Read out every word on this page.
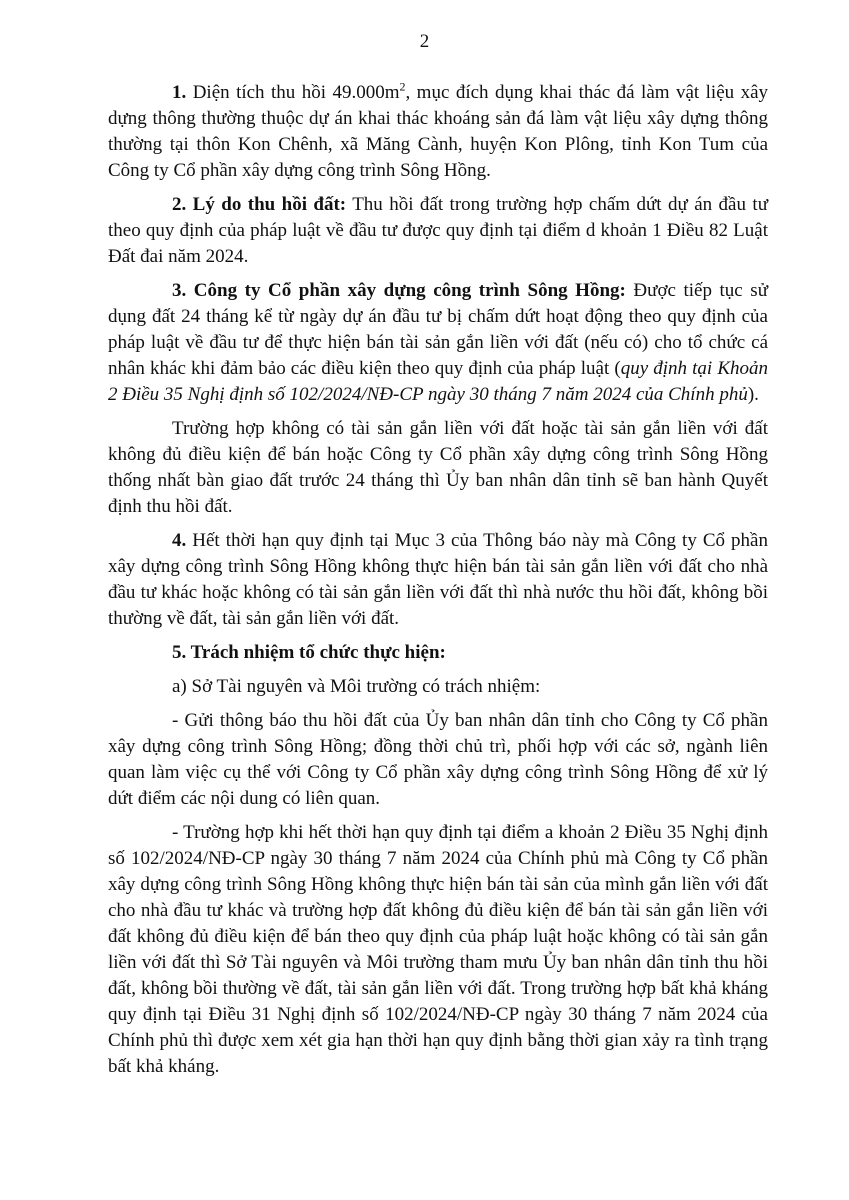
2

1. Diện tích thu hồi $49.000m^2$, mục đích dụng khai thác đá làm vật liệu xây dựng thông thường thuộc dự án khai thác khoáng sản đá làm vật liệu xây dựng thông thường tại thôn Kon Chênh, xã Măng Cành, huyện Kon Plông, tỉnh Kon Tum của Công ty Cổ phần xây dựng công trình Sông Hồng.

2. Lý do thu hồi đất: Thu hồi đất trong trường hợp chấm dứt dự án đầu tư theo quy định của pháp luật về đầu tư được quy định tại điểm d khoản 1 Điều 82 Luật Đất đai năm 2024.

3. Công ty Cổ phần xây dựng công trình Sông Hồng: Được tiếp tục sử dụng đất 24 tháng kể từ ngày dự án đầu tư bị chấm dứt hoạt động theo quy định của pháp luật về đầu tư để thực hiện bán tài sản gắn liền với đất (nếu có) cho tổ chức cá nhân khác khi đảm bảo các điều kiện theo quy định của pháp luật (quy định tại Khoản 2 Điều 35 Nghị định số 102/2024/NĐ-CP ngày 30 tháng 7 năm 2024 của Chính phủ).

Trường hợp không có tài sản gắn liền với đất hoặc tài sản gắn liền với đất không đủ điều kiện để bán hoặc Công ty Cổ phần xây dựng công trình Sông Hồng thống nhất bàn giao đất trước 24 tháng thì Ủy ban nhân dân tỉnh sẽ ban hành Quyết định thu hồi đất.

4. Hết thời hạn quy định tại Mục 3 của Thông báo này mà Công ty Cổ phần xây dựng công trình Sông Hồng không thực hiện bán tài sản gắn liền với đất cho nhà đầu tư khác hoặc không có tài sản gắn liền với đất thì nhà nước thu hồi đất, không bồi thường về đất, tài sản gắn liền với đất.

5. Trách nhiệm tổ chức thực hiện:

a) Sở Tài nguyên và Môi trường có trách nhiệm:

- Gửi thông báo thu hồi đất của Ủy ban nhân dân tỉnh cho Công ty Cổ phần xây dựng công trình Sông Hồng; đồng thời chủ trì, phối hợp với các sở, ngành liên quan làm việc cụ thể với Công ty Cổ phần xây dựng công trình Sông Hồng để xử lý dứt điểm các nội dung có liên quan.

- Trường hợp khi hết thời hạn quy định tại điểm a khoản 2 Điều 35 Nghị định số 102/2024/NĐ-CP ngày 30 tháng 7 năm 2024 của Chính phủ mà Công ty Cổ phần xây dựng công trình Sông Hồng không thực hiện bán tài sản của mình gắn liền với đất cho nhà đầu tư khác và trường hợp đất không đủ điều kiện để bán tài sản gắn liền với đất không đủ điều kiện để bán theo quy định của pháp luật hoặc không có tài sản gắn liền với đất thì Sở Tài nguyên và Môi trường tham mưu Ủy ban nhân dân tỉnh thu hồi đất, không bồi thường về đất, tài sản gắn liền với đất. Trong trường hợp bất khả kháng quy định tại Điều 31 Nghị định số 102/2024/NĐ-CP ngày 30 tháng 7 năm 2024 của Chính phủ thì được xem xét gia hạn thời hạn quy định bằng thời gian xảy ra tình trạng bất khả kháng.
